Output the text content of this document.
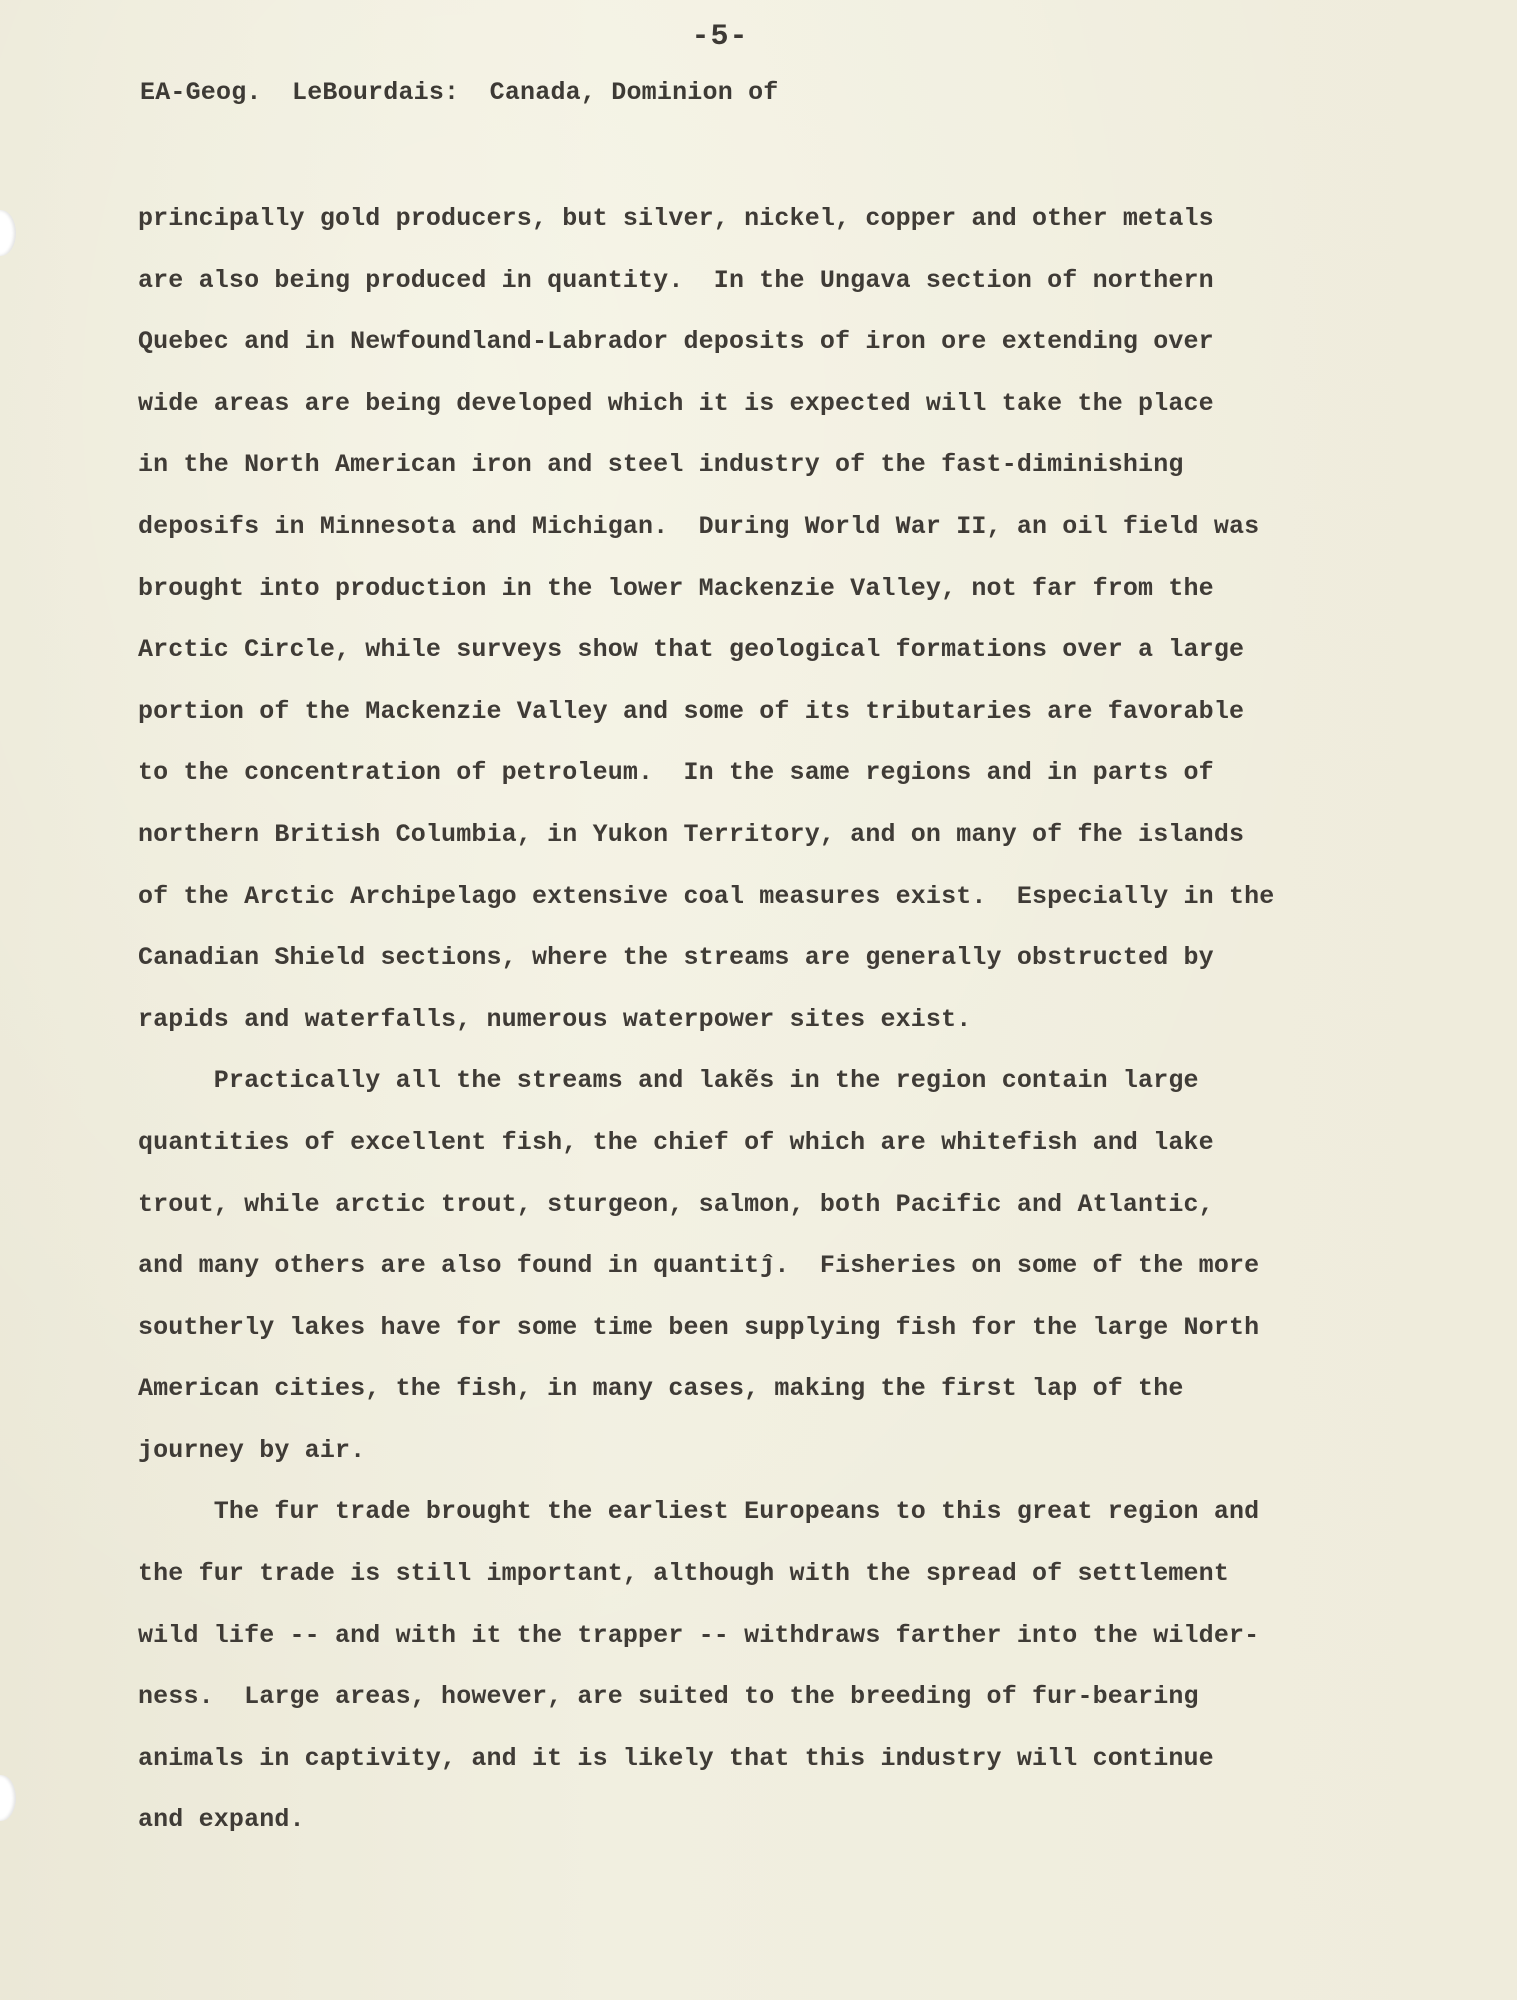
-5-
EA-Geog.  LeBourdais:  Canada, Dominion of
principally gold producers, but silver, nickel, copper and other metals
are also being produced in quantity.  In the Ungava section of northern
Quebec and in Newfoundland-Labrador deposits of iron ore extending over
wide areas are being developed which it is expected will take the place
in the North American iron and steel industry of the fast-diminishing
deposifs in Minnesota and Michigan.  During World War II, an oil field was
brought into production in the lower Mackenzie Valley, not far from the
Arctic Circle, while surveys show that geological formations over a large
portion of the Mackenzie Valley and some of its tributaries are favorable
to the concentration of petroleum.  In the same regions and in parts of
northern British Columbia, in Yukon Territory, and on many of fhe islands
of the Arctic Archipelago extensive coal measures exist.  Especially in the
Canadian Shield sections, where the streams are generally obstructed by
rapids and waterfalls, numerous waterpower sites exist.
Practically all the streams and lakẽs in the region contain large
quantities of excellent fish, the chief of which are whitefish and lake
trout, while arctic trout, sturgeon, salmon, both Pacific and Atlantic,
and many others are also found in quantitĵ.  Fisheries on some of the more
southerly lakes have for some time been supplying fish for the large North
American cities, the fish, in many cases, making the first lap of the
journey by air.
The fur trade brought the earliest Europeans to this great region and
the fur trade is still important, although with the spread of settlement
wild life -- and with it the trapper -- withdraws farther into the wilder-
ness.  Large areas, however, are suited to the breeding of fur-bearing
animals in captivity, and it is likely that this industry will continue
and expand.
